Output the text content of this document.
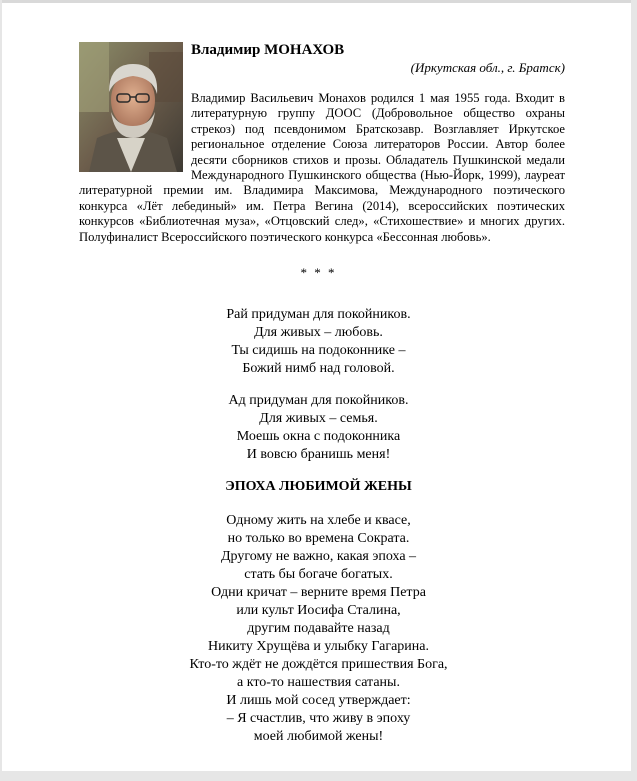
Владимир МОНАХОВ
(Иркутская обл., г. Братск)

Владимир Васильевич Монахов родился 1 мая 1955 года. Входит в литературную группу ДООС (Добровольное общество охраны стрекоз) под псевдонимом Братскозавр. Возглавляет Иркутское региональное отделение Союза литераторов России. Автор более десяти сборников стихов и прозы. Обладатель Пушкинской медали Международного Пушкинского общества (Нью-Йорк, 1999), лауреат литературной премии им. Владимира Максимова, Международного поэтического конкурса «Лёт лебединый» им. Петра Вегина (2014), всероссийских поэтических конкурсов «Библиотечная муза», «Отцовский след», «Стихошествие» и многих других. Полуфиналист Всероссийского поэтического конкурса «Бессонная любовь».

* * *
Рай придуман для покойников.
Для живых – любовь.
Ты сидишь на подоконнике –
Божий нимб над головой.
Ад придуман для покойников.
Для живых – семья.
Моешь окна с подоконника
И вовсю бранишь меня!
ЭПОХА ЛЮБИМОЙ ЖЕНЫ
Одному жить на хлебе и квасе,
но только во времена Сократа.
Другому не важно, какая эпоха –
стать бы богаче богатых.
Одни кричат – верните время Петра
или культ Иосифа Сталина,
другим подавайте назад
Никиту Хрущёва и улыбку Гагарина.
Кто-то ждёт не дождётся пришествия Бога,
а кто-то нашествия сатаны.
И лишь мой сосед утверждает:
– Я счастлив, что живу в эпоху
моей любимой жены!
